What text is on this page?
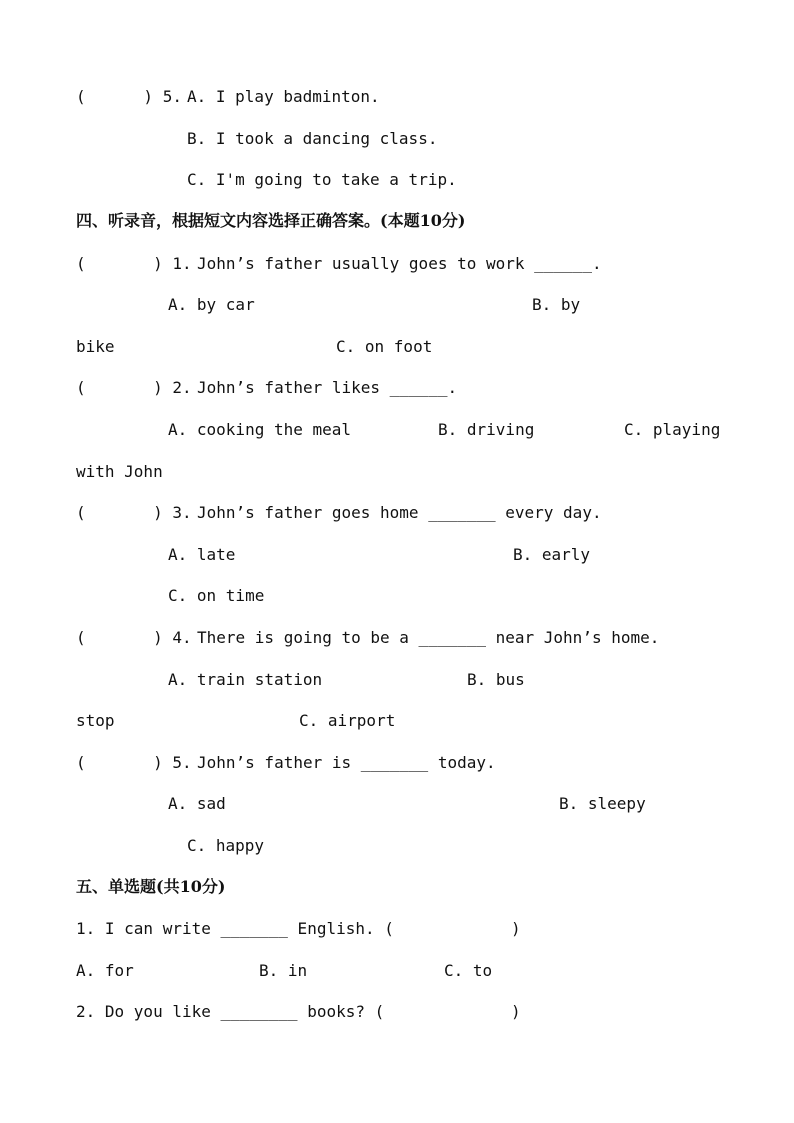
(      ) 5.

A. I play badminton.

B. I took a dancing class.

C. I'm going to take a trip.

四、听录音，根据短文内容选择正确答案。(本题10分)

(       ) 1.

John’s father usually goes to work ______.

A. by car

	B. by

bike

	C. on foot

(       ) 2.

John’s father likes ______.

A. cooking the meal

	B. driving

	C. playing

with John

(       ) 3.

John’s father goes home _______ every day.

A. late

	B. early

C. on time

(       ) 4.

There is going to be a _______ near John’s home.

A. train station

	B. bus

stop

	C. airport

(       ) 5.

John’s father is _______ today.

A. sad

	B. sleepy

C. happy

五、单选题(共10分)

1. I can write _______ English. (

	)

A. for

	B. in

	C. to

2. Do you like ________ books? (

	)
